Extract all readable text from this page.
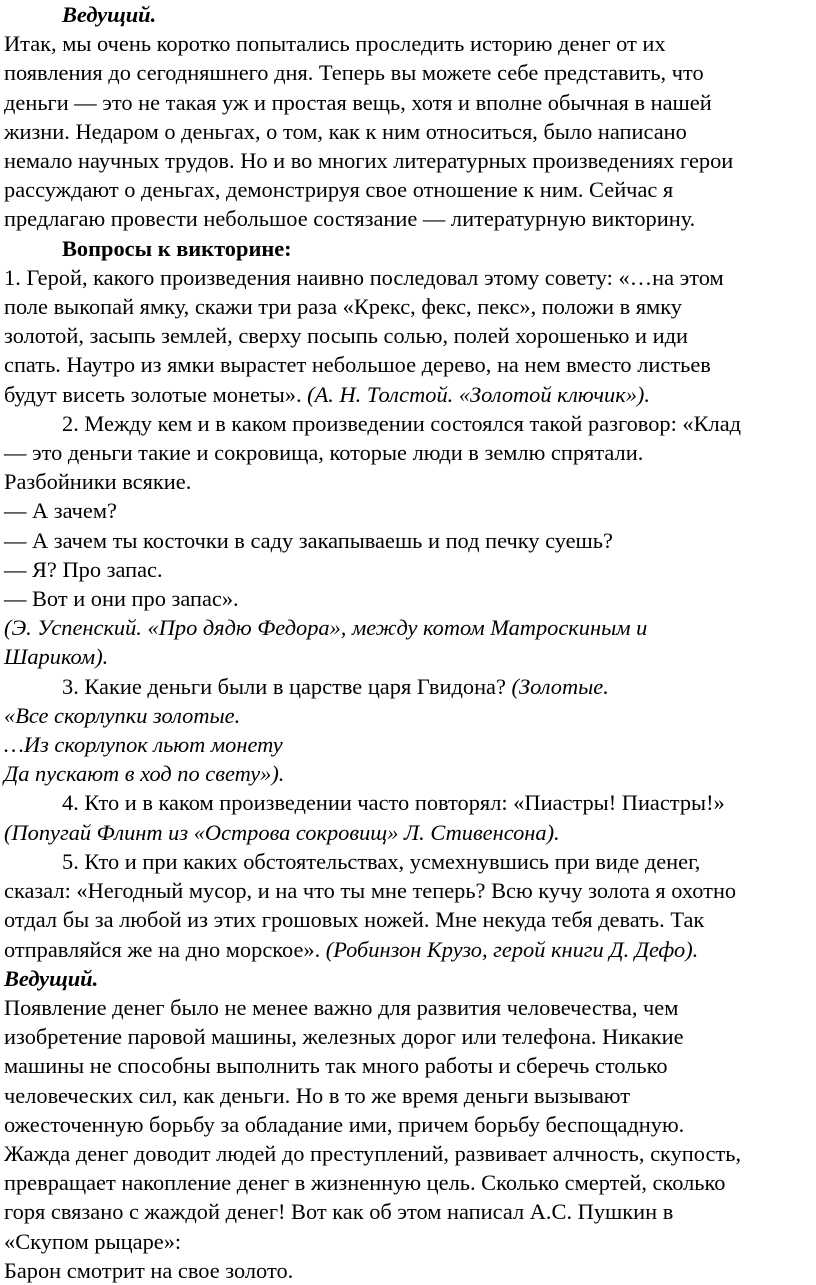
Ведущий.
Итак, мы очень коротко попытались проследить историю денег от их
появления до сегодняшнего дня. Теперь вы можете себе представить, что
деньги — это не такая уж и простая вещь, хотя и вполне обычная в нашей
жизни. Недаром о деньгах, о том, как к ним относиться, было написано
немало научных трудов. Но и во многих литературных произведениях герои
рассуждают о деньгах, демонстрируя свое отношение к ним. Сейчас я
предлагаю провести небольшое состязание — литературную викторину.
Вопросы к викторине:
1. Герой, какого произведения наивно последовал этому совету: «…на этом
поле выкопай ямку, скажи три раза «Крекс, фекс, пекс», положи в ямку
золотой, засыпь землей, сверху посыпь солью, полей хорошенько и иди
спать. Наутро из ямки вырастет небольшое дерево, на нем вместо листьев
будут висеть золотые монеты». (А. Н. Толстой. «Золотой ключик»).
2. Между кем и в каком произведении состоялся такой разговор: «Клад
— это деньги такие и сокровища, которые люди в землю спрятали.
Разбойники всякие.
— А зачем?
— А зачем ты косточки в саду закапываешь и под печку суешь?
— Я? Про запас.
— Вот и они про запас».
(Э. Успенский. «Про дядю Федора», между котом Матроскиным и
Шариком).
3. Какие деньги были в царстве царя Гвидона? (Золотые.
«Все скорлупки золотые.
…Из скорлупок льют монету
Да пускают в ход по свету»).
4. Кто и в каком произведении часто повторял: «Пиастры! Пиастры!»
(Попугай Флинт из «Острова сокровищ» Л. Стивенсона).
5. Кто и при каких обстоятельствах, усмехнувшись при виде денег,
сказал: «Негодный мусор, и на что ты мне теперь? Всю кучу золота я охотно
отдал бы за любой из этих грошовых ножей. Мне некуда тебя девать. Так
отправляйся же на дно морское». (Робинзон Крузо, герой книги Д. Дефо).
Ведущий.
Появление денег было не менее важно для развития человечества, чем
изобретение паровой машины, железных дорог или телефона. Никакие
машины не способны выполнить так много работы и сберечь столько
человеческих сил, как деньги. Но в то же время деньги вызывают
ожесточенную борьбу за обладание ими, причем борьбу беспощадную.
Жажда денег доводит людей до преступлений, развивает алчность, скупость,
превращает накопление денег в жизненную цель. Сколько смертей, сколько
горя связано с жаждой денег! Вот как об этом написал А.С. Пушкин в
«Скупом рыцаре»:
Барон смотрит на свое золото.
